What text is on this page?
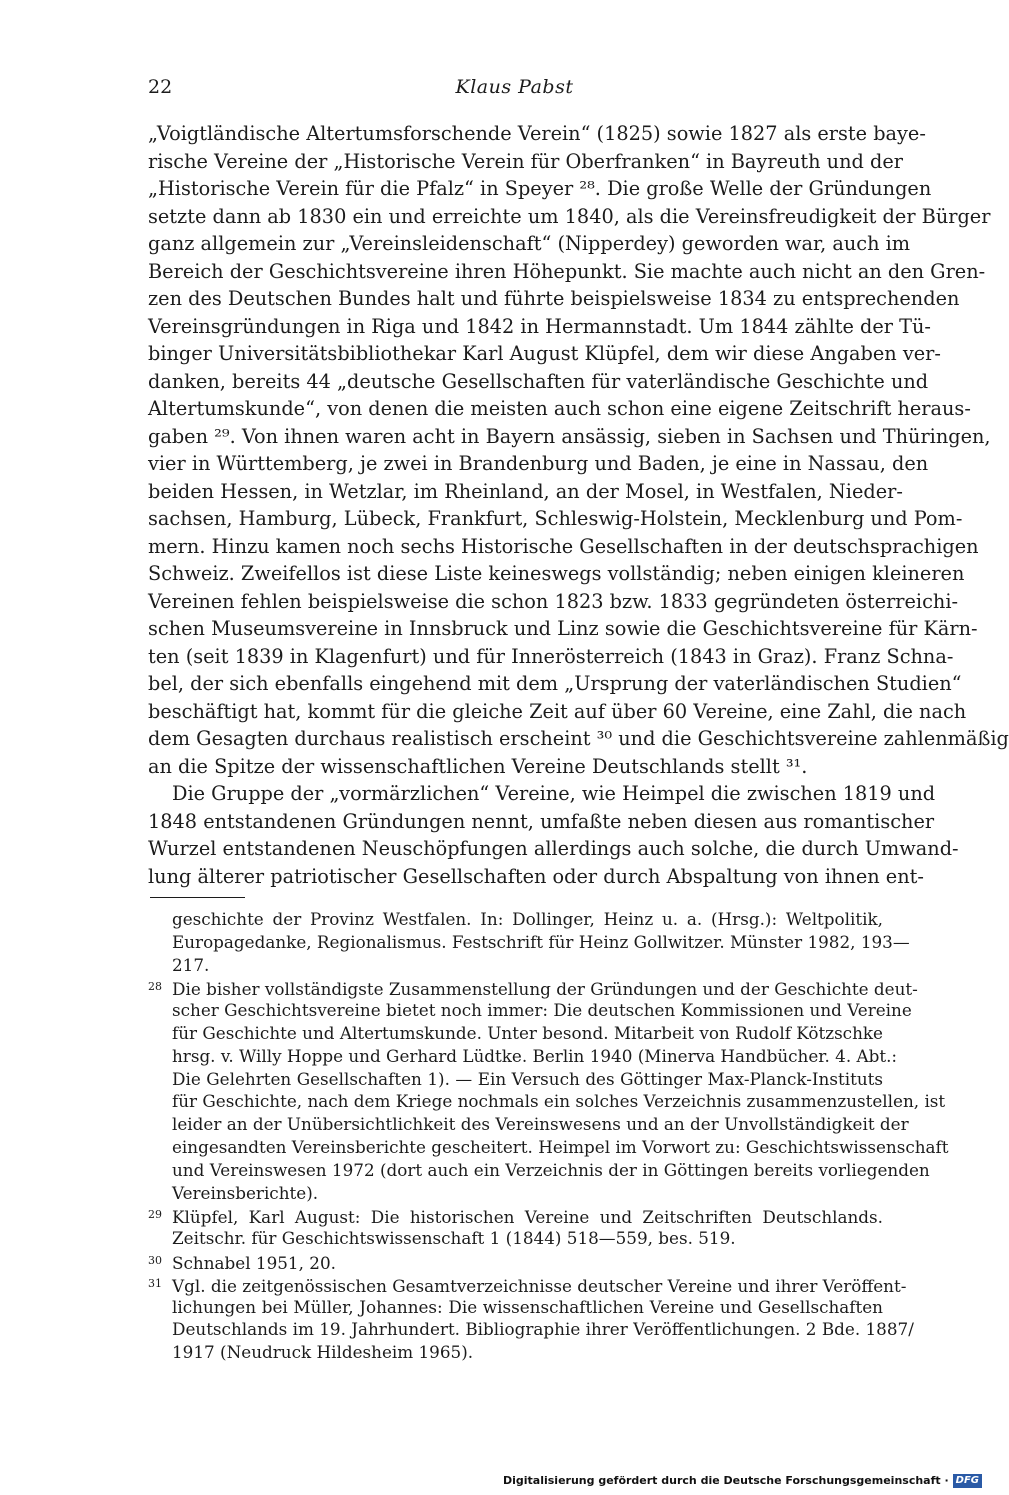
22	Klaus Pabst
„Voigtländische Altertumsforschende Verein“ (1825) sowie 1827 als erste baye-
rische Vereine der „Historische Verein für Oberfranken“ in Bayreuth und der
„Historische Verein für die Pfalz“ in Speyer ²⁸. Die große Welle der Gründungen
setzte dann ab 1830 ein und erreichte um 1840, als die Vereinsfreudigkeit der Bürger
ganz allgemein zur „Vereinsleidenschaft“ (Nipperdey) geworden war, auch im
Bereich der Geschichtsvereine ihren Höhepunkt. Sie machte auch nicht an den Gren-
zen des Deutschen Bundes halt und führte beispielsweise 1834 zu entsprechenden
Vereinsgründungen in Riga und 1842 in Hermannstadt. Um 1844 zählte der Tü-
binger Universitätsbibliothekar Karl August Klüpfel, dem wir diese Angaben ver-
danken, bereits 44 „deutsche Gesellschaften für vaterländische Geschichte und
Altertumskunde“, von denen die meisten auch schon eine eigene Zeitschrift heraus-
gaben ²⁹. Von ihnen waren acht in Bayern ansässig, sieben in Sachsen und Thüringen,
vier in Württemberg, je zwei in Brandenburg und Baden, je eine in Nassau, den
beiden Hessen, in Wetzlar, im Rheinland, an der Mosel, in Westfalen, Nieder-
sachsen, Hamburg, Lübeck, Frankfurt, Schleswig-Holstein, Mecklenburg und Pom-
mern. Hinzu kamen noch sechs Historische Gesellschaften in der deutschsprachigen
Schweiz. Zweifellos ist diese Liste keineswegs vollständig; neben einigen kleineren
Vereinen fehlen beispielsweise die schon 1823 bzw. 1833 gegründeten österreichi-
schen Museumsvereine in Innsbruck und Linz sowie die Geschichtsvereine für Kärn-
ten (seit 1839 in Klagenfurt) und für Innerösterreich (1843 in Graz). Franz Schna-
bel, der sich ebenfalls eingehend mit dem „Ursprung der vaterländischen Studien“
beschäftigt hat, kommt für die gleiche Zeit auf über 60 Vereine, eine Zahl, die nach
dem Gesagten durchaus realistisch erscheint ³⁰ und die Geschichtsvereine zahlenmäßig
an die Spitze der wissenschaftlichen Vereine Deutschlands stellt ³¹.
Die Gruppe der „vormärzlichen“ Vereine, wie Heimpel die zwischen 1819 und
1848 entstandenen Gründungen nennt, umfaßte neben diesen aus romantischer
Wurzel entstandenen Neuschöpfungen allerdings auch solche, die durch Umwand-
lung älterer patriotischer Gesellschaften oder durch Abspaltung von ihnen ent-
geschichte der Provinz Westfalen. In: Dollinger, Heinz u. a. (Hrsg.): Weltpolitik,
Europagedanke, Regionalismus. Festschrift für Heinz Gollwitzer. Münster 1982, 193—
217.
28 Die bisher vollständigste Zusammenstellung der Gründungen und der Geschichte deut-
scher Geschichtsvereine bietet noch immer: Die deutschen Kommissionen und Vereine
für Geschichte und Altertumskunde. Unter besond. Mitarbeit von Rudolf Kötzschke
hrsg. v. Willy Hoppe und Gerhard Lüdtke. Berlin 1940 (Minerva Handbücher. 4. Abt.:
Die Gelehrten Gesellschaften 1). — Ein Versuch des Göttinger Max-Planck-Instituts
für Geschichte, nach dem Kriege nochmals ein solches Verzeichnis zusammenzustellen, ist
leider an der Unübersichtlichkeit des Vereinswesens und an der Unvollständigkeit der
eingesandten Vereinsberichte gescheitert. Heimpel im Vorwort zu: Geschichtswissenschaft
und Vereinswesen 1972 (dort auch ein Verzeichnis der in Göttingen bereits vorliegenden
Vereinsberichte).
29 Klüpfel, Karl August: Die historischen Vereine und Zeitschriften Deutschlands.
Zeitschr. für Geschichtswissenschaft 1 (1844) 518—559, bes. 519.
30 Schnabel 1951, 20.
31 Vgl. die zeitgenössischen Gesamtverzeichnisse deutscher Vereine und ihrer Veröffent-
lichungen bei Müller, Johannes: Die wissenschaftlichen Vereine und Gesellschaften
Deutschlands im 19. Jahrhundert. Bibliographie ihrer Veröffentlichungen. 2 Bde. 1887/
1917 (Neudruck Hildesheim 1965).
Digitalisierung gefördert durch die Deutsche Forschungsgemeinschaft · DFG
